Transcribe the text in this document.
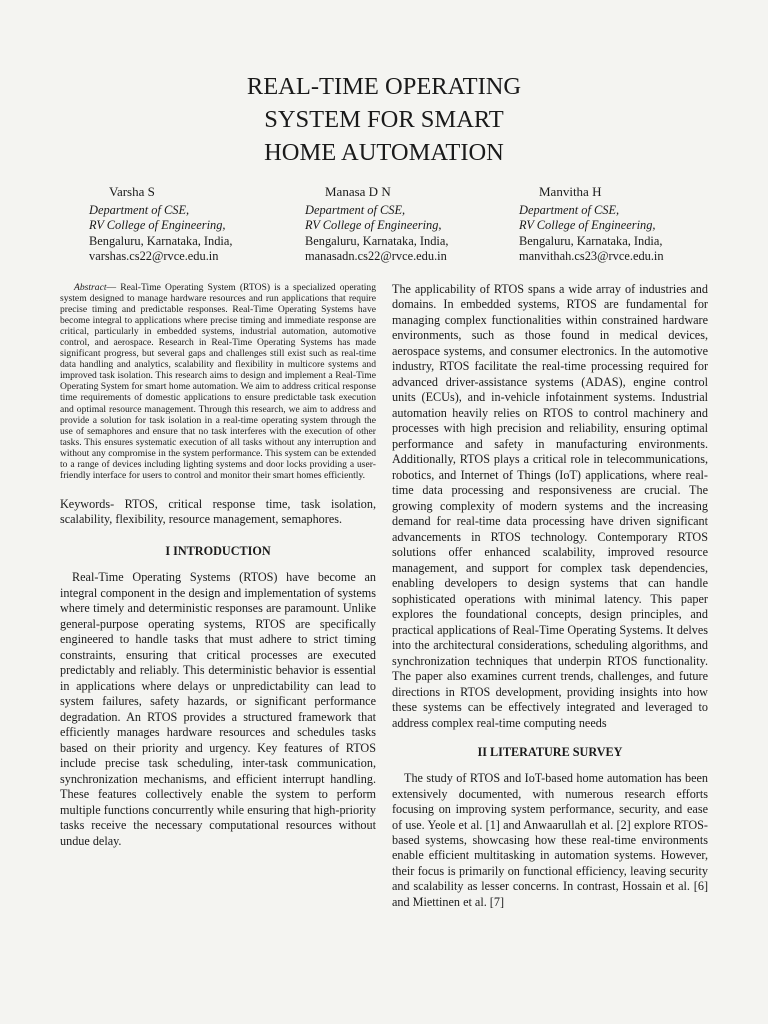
REAL-TIME OPERATING
SYSTEM FOR SMART
HOME AUTOMATION
Varsha S
Department of CSE,
RV College of Engineering,
Bengaluru, Karnataka, India,
varshas.cs22@rvce.edu.in
Manasa D N
Department of CSE,
RV College of Engineering,
Bengaluru, Karnataka, India,
manasadn.cs22@rvce.edu.in
Manvitha H
Department of CSE,
RV College of Engineering,
Bengaluru, Karnataka, India,
manvithah.cs23@rvce.edu.in

Abstract— Real-Time Operating System (RTOS) is a specialized operating system designed to manage hardware resources and run applications that require precise timing and predictable responses. Real-Time Operating Systems have become integral to applications where precise timing and immediate response are critical, particularly in embedded systems, industrial automation, automotive control, and aerospace. Research in Real-Time Operating Systems has made significant progress, but several gaps and challenges still exist such as real-time data handling and analytics, scalability and flexibility in multicore systems and improved task isolation. This research aims to design and implement a Real-Time Operating System for smart home automation. We aim to address critical response time requirements of domestic applications to ensure predictable task execution and optimal resource management. Through this research, we aim to address and provide a solution for task isolation in a real-time operating system through the use of semaphores and ensure that no task interferes with the execution of other tasks. This ensures systematic execution of all tasks without any interruption and without any compromise in the system performance. This system can be extended to a range of devices including lighting systems and door locks providing a user-friendly interface for users to control and monitor their smart homes efficiently.

Keywords- RTOS, critical response time, task isolation, scalability, flexibility, resource management, semaphores.

I INTRODUCTION

Real-Time Operating Systems (RTOS) have become an integral component in the design and implementation of systems where timely and deterministic responses are paramount. Unlike general-purpose operating systems, RTOS are specifically engineered to handle tasks that must adhere to strict timing constraints, ensuring that critical processes are executed predictably and reliably. This deterministic behavior is essential in applications where delays or unpredictability can lead to system failures, safety hazards, or significant performance degradation. An RTOS provides a structured framework that efficiently manages hardware resources and schedules tasks based on their priority and urgency. Key features of RTOS include precise task scheduling, inter-task communication, synchronization mechanisms, and efficient interrupt handling. These features collectively enable the system to perform multiple functions concurrently while ensuring that high-priority tasks receive the necessary computational resources without undue delay.

The applicability of RTOS spans a wide array of industries and domains. In embedded systems, RTOS are fundamental for managing complex functionalities within constrained hardware environments, such as those found in medical devices, aerospace systems, and consumer electronics. In the automotive industry, RTOS facilitate the real-time processing required for advanced driver-assistance systems (ADAS), engine control units (ECUs), and in-vehicle infotainment systems. Industrial automation heavily relies on RTOS to control machinery and processes with high precision and reliability, ensuring optimal performance and safety in manufacturing environments. Additionally, RTOS plays a critical role in telecommunications, robotics, and Internet of Things (IoT) applications, where real-time data processing and responsiveness are crucial. The growing complexity of modern systems and the increasing demand for real-time data processing have driven significant advancements in RTOS technology. Contemporary RTOS solutions offer enhanced scalability, improved resource management, and support for complex task dependencies, enabling developers to design systems that can handle sophisticated operations with minimal latency. This paper explores the foundational concepts, design principles, and practical applications of Real-Time Operating Systems. It delves into the architectural considerations, scheduling algorithms, and synchronization techniques that underpin RTOS functionality. The paper also examines current trends, challenges, and future directions in RTOS development, providing insights into how these systems can be effectively integrated and leveraged to address complex real-time computing needs

II LITERATURE SURVEY

The study of RTOS and IoT-based home automation has been extensively documented, with numerous research efforts focusing on improving system performance, security, and ease of use. Yeole et al. [1] and Anwaarullah et al. [2] explore RTOS-based systems, showcasing how these real-time environments enable efficient multitasking in automation systems. However, their focus is primarily on functional efficiency, leaving security and scalability as lesser concerns. In contrast, Hossain et al. [6] and Miettinen et al. [7]
